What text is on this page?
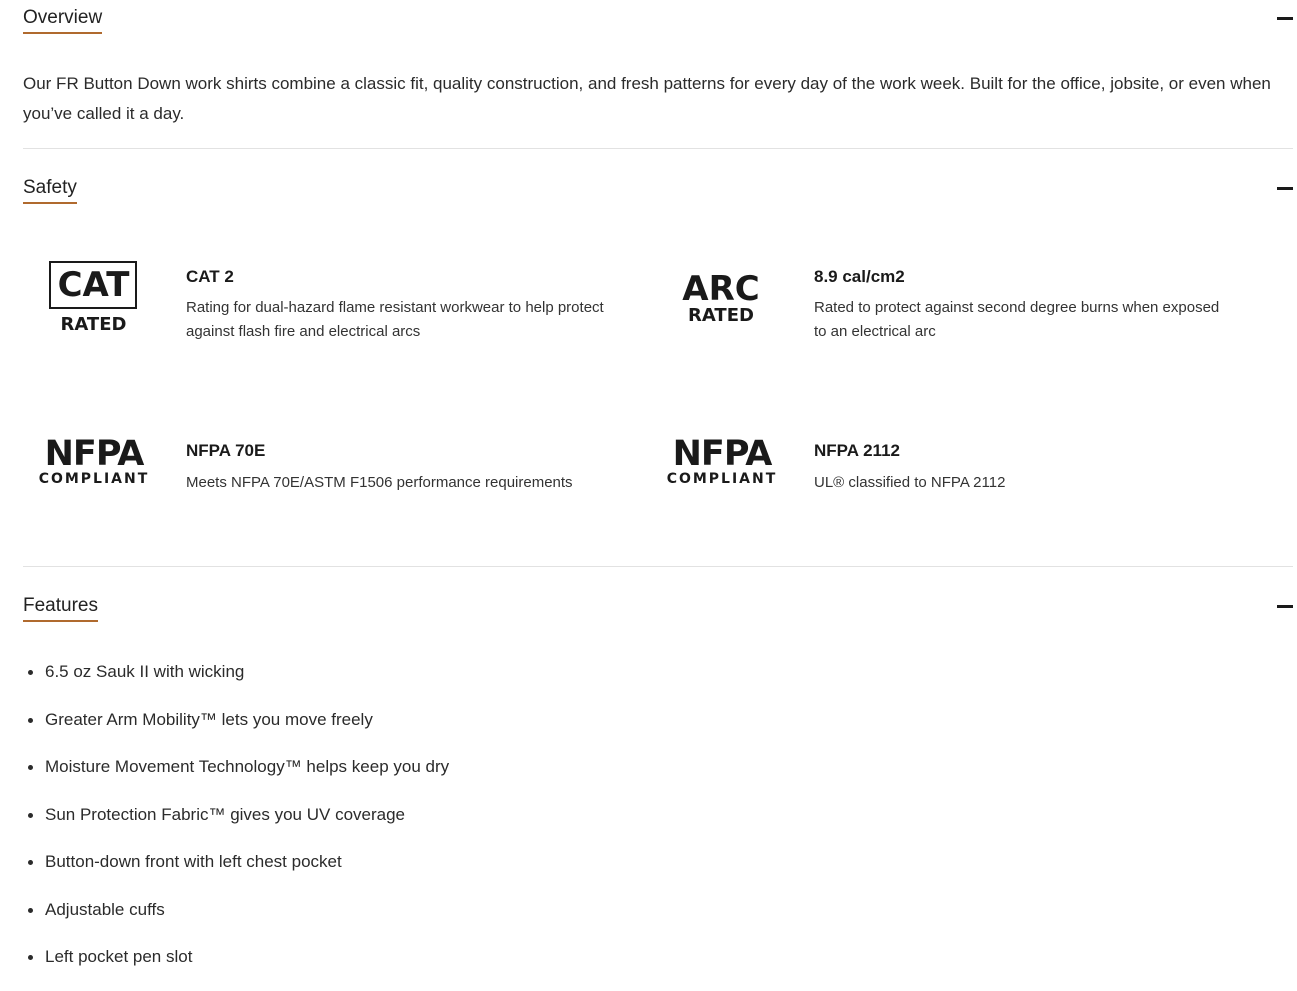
Overview
Our FR Button Down work shirts combine a classic fit, quality construction, and fresh patterns for every day of the work week. Built for the office, jobsite, or even when you’ve called it a day.
Safety
CAT
RATED
CAT 2
Rating for dual-hazard flame resistant workwear to help protect against flash fire and electrical arcs
ARC
RATED
8.9 cal/cm2
Rated to protect against second degree burns when exposed to an electrical arc
NFPA
COMPLIANT
NFPA 70E
Meets NFPA 70E/ASTM F1506 performance requirements
NFPA
COMPLIANT
NFPA 2112
UL® classified to NFPA 2112
Features
6.5 oz Sauk II with wicking
Greater Arm Mobility™ lets you move freely
Moisture Movement Technology™ helps keep you dry
Sun Protection Fabric™ gives you UV coverage
Button-down front with left chest pocket
Adjustable cuffs
Left pocket pen slot
